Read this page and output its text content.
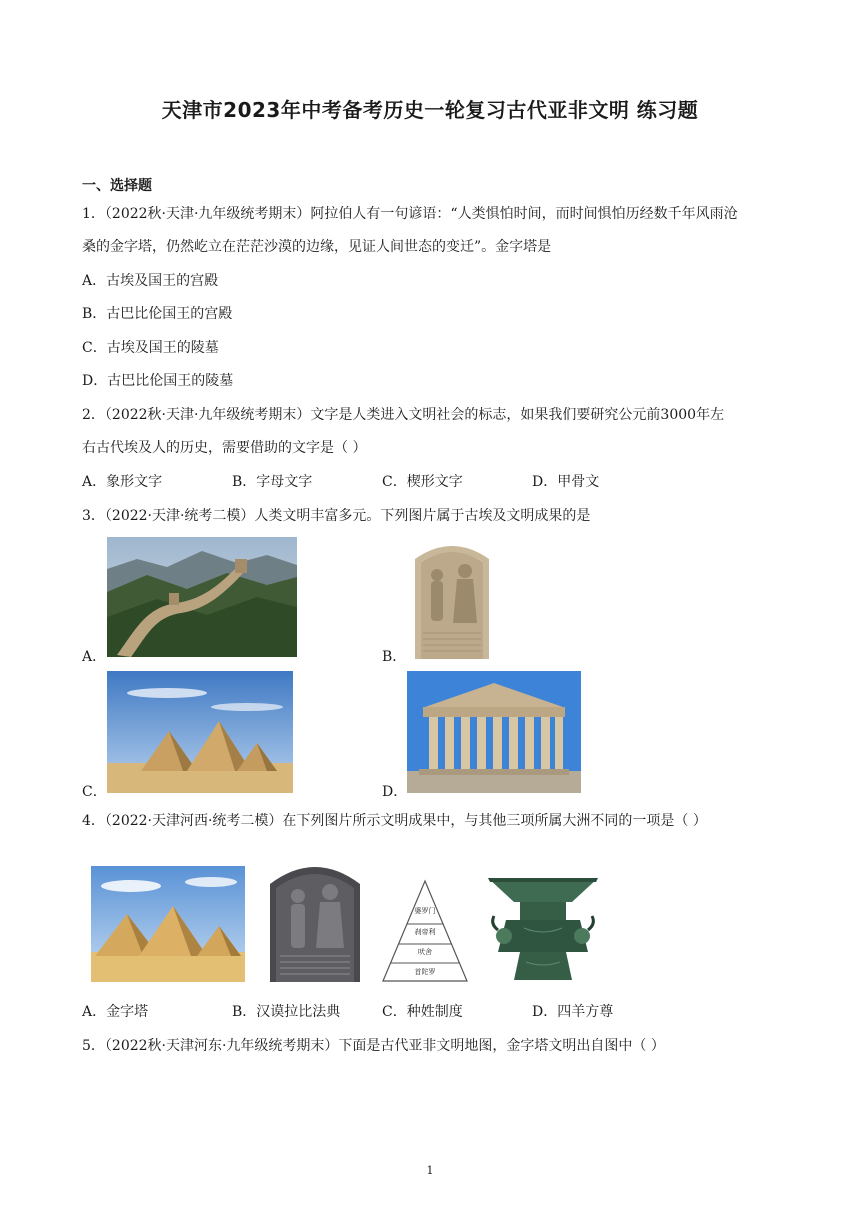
天津市2023年中考备考历史一轮复习古代亚非文明 练习题
一、选择题
1．（2022秋·天津·九年级统考期末）阿拉伯人有一句谚语：“人类惧怕时间，而时间惧怕历经数千年风雨沧
桑的金字塔，仍然屹立在茫茫沙漠的边缘，见证人间世态的变迁”。金字塔是
A．古埃及国王的宫殿
B．古巴比伦国王的宫殿
C．古埃及国王的陵墓
D．古巴比伦国王的陵墓
2．（2022秋·天津·九年级统考期末）文字是人类进入文明社会的标志，如果我们要研究公元前3000年左
右古代埃及人的历史，需要借助的文字是（ ）
A．象形文字	B．字母文字	C．楔形文字	D．甲骨文
3．（2022·天津·统考二模）人类文明丰富多元。下列图片属于古埃及文明成果的是
A．	B．
C．	D．
4．（2022·天津河西·统考二模）在下列图片所示文明成果中，与其他三项所属大洲不同的一项是（ ）
婆罗门
刹帝利
吠舍
首陀罗
A．金字塔	B．汉谟拉比法典	C．种姓制度	D．四羊方尊
5．（2022秋·天津河东·九年级统考期末）下面是古代亚非文明地图，金字塔文明出自图中（ ）
1
